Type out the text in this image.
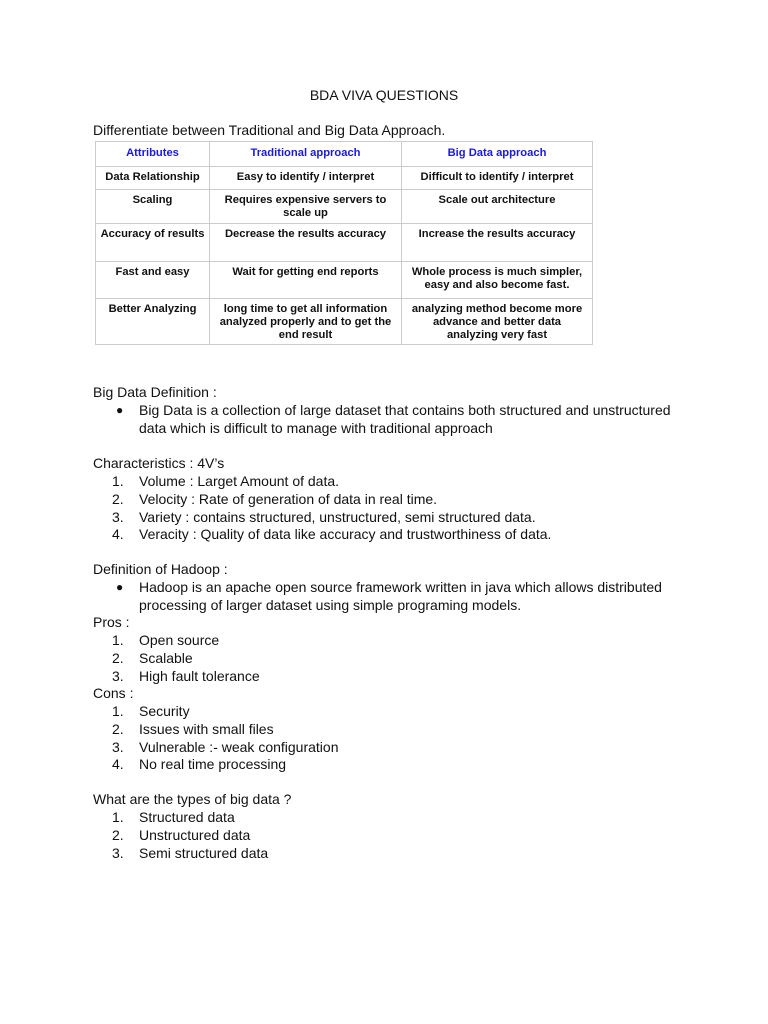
BDA VIVA QUESTIONS
Differentiate between Traditional and Big Data Approach.
Attributes	Traditional approach	Big Data approach
Data Relationship	Easy to identify / interpret	Difficult to identify / interpret
Scaling	Requires expensive servers to scale up	Scale out architecture
Accuracy of results	Decrease the results accuracy	Increase the results accuracy
Fast and easy	Wait for getting end reports	Whole process is much simpler, easy and also become fast.
Better Analyzing	long time to get all information analyzed properly and to get the end result	analyzing method become more advance and better data analyzing very fast
Big Data Definition :
●	Big Data is a collection of large dataset that contains both structured and unstructured data which is difficult to manage with traditional approach
Characteristics : 4V’s
1.	Volume : Larget Amount of data.
2.	Velocity : Rate of generation of data in real time.
3.	Variety : contains structured, unstructured, semi structured data.
4.	Veracity : Quality of data like accuracy and trustworthiness of data.
Definition of Hadoop :
●	Hadoop is an apache open source framework written in java which allows distributed processing of larger dataset using simple programing models.
Pros :
1.	Open source
2.	Scalable
3.	High fault tolerance
Cons :
1.	Security
2.	Issues with small files
3.	Vulnerable :- weak configuration
4.	No real time processing
What are the types of big data ?
1.	Structured data
2.	Unstructured data
3.	Semi structured data
